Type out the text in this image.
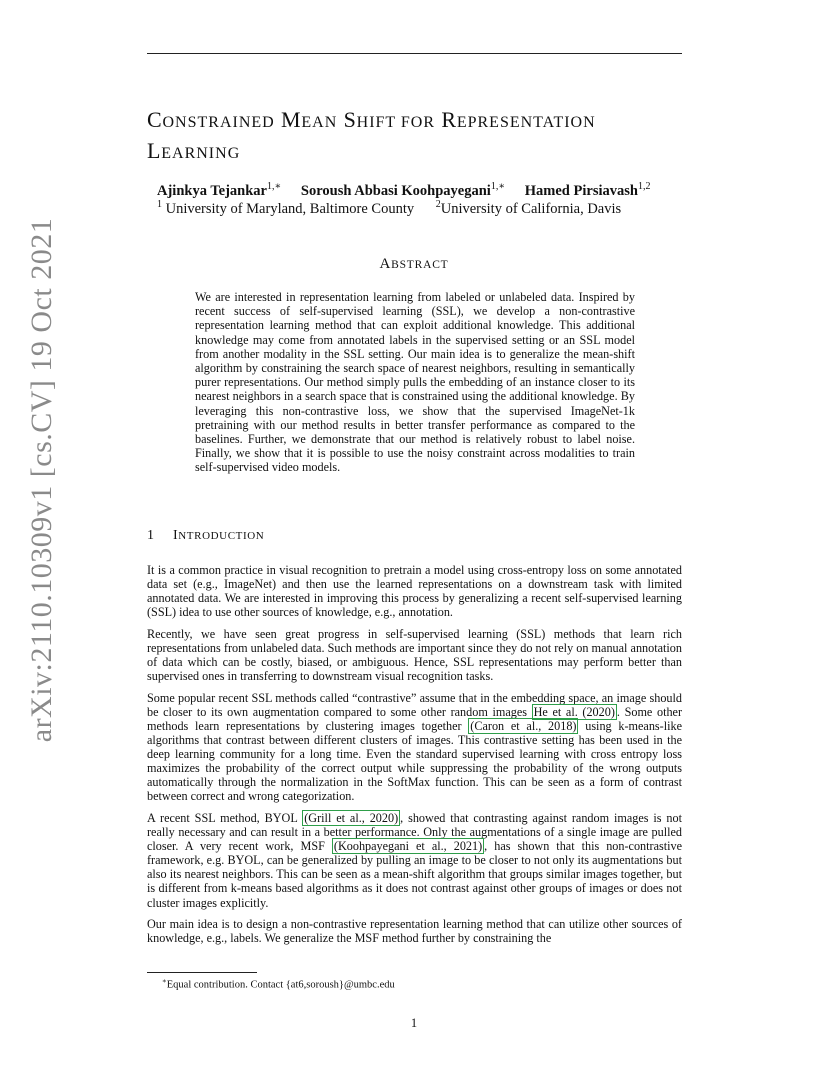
arXiv:2110.10309v1 [cs.CV] 19 Oct 2021
CONSTRAINED MEAN SHIFT FOR REPRESENTATION
LEARNING
Ajinkya Tejankar$^{1,∗}$ Soroush Abbasi Koohpayegani$^{1,∗}$ Hamed Pirsiavash$^{1,2}$
$^1$ University of Maryland, Baltimore County $^2$University of California, Davis
ABSTRACT
We are interested in representation learning from labeled or unlabeled data. Inspired by recent success of self-supervised learning (SSL), we develop a non-contrastive representation learning method that can exploit additional knowledge. This additional knowledge may come from annotated labels in the supervised setting or an SSL model from another modality in the SSL setting. Our main idea is to generalize the mean-shift algorithm by constraining the search space of nearest neighbors, resulting in semantically purer representations. Our method simply pulls the embedding of an instance closer to its nearest neighbors in a search space that is constrained using the additional knowledge. By leveraging this non-contrastive loss, we show that the supervised ImageNet-1k pretraining with our method results in better transfer performance as compared to the baselines. Further, we demonstrate that our method is relatively robust to label noise. Finally, we show that it is possible to use the noisy constraint across modalities to train self-supervised video models.
1 INTRODUCTION

It is a common practice in visual recognition to pretrain a model using cross-entropy loss on some annotated data set (e.g., ImageNet) and then use the learned representations on a downstream task with limited annotated data. We are interested in improving this process by generalizing a recent self-supervised learning (SSL) idea to use other sources of knowledge, e.g., annotation.

Recently, we have seen great progress in self-supervised learning (SSL) methods that learn rich representations from unlabeled data. Such methods are important since they do not rely on manual annotation of data which can be costly, biased, or ambiguous. Hence, SSL representations may perform better than supervised ones in transferring to downstream visual recognition tasks.

Some popular recent SSL methods called “contrastive” assume that in the embedding space, an image should be closer to its own augmentation compared to some other random images He et al. (2020) . Some other methods learn representations by clustering images together (Caron et al., 2018) using k-means-like algorithms that contrast between different clusters of images. This contrastive setting has been used in the deep learning community for a long time. Even the standard supervised learning with cross entropy loss maximizes the probability of the correct output while suppressing the probability of the wrong outputs automatically through the normalization in the SoftMax function. This can be seen as a form of contrast between correct and wrong categorization.

A recent SSL method, BYOL (Grill et al., 2020) , showed that contrasting against random images is not really necessary and can result in a better performance. Only the augmentations of a single image are pulled closer. A very recent work, MSF (Koohpayegani et al., 2021) , has shown that this non-contrastive framework, e.g. BYOL, can be generalized by pulling an image to be closer to not only its augmentations but also its nearest neighbors. This can be seen as a mean-shift algorithm that groups similar images together, but is different from k-means based algorithms as it does not contrast against other groups of images or does not cluster images explicitly.

Our main idea is to design a non-contrastive representation learning method that can utilize other sources of knowledge, e.g., labels. We generalize the MSF method further by constraining the

∗Equal contribution. Contact {at6,soroush}@umbc.edu
1
